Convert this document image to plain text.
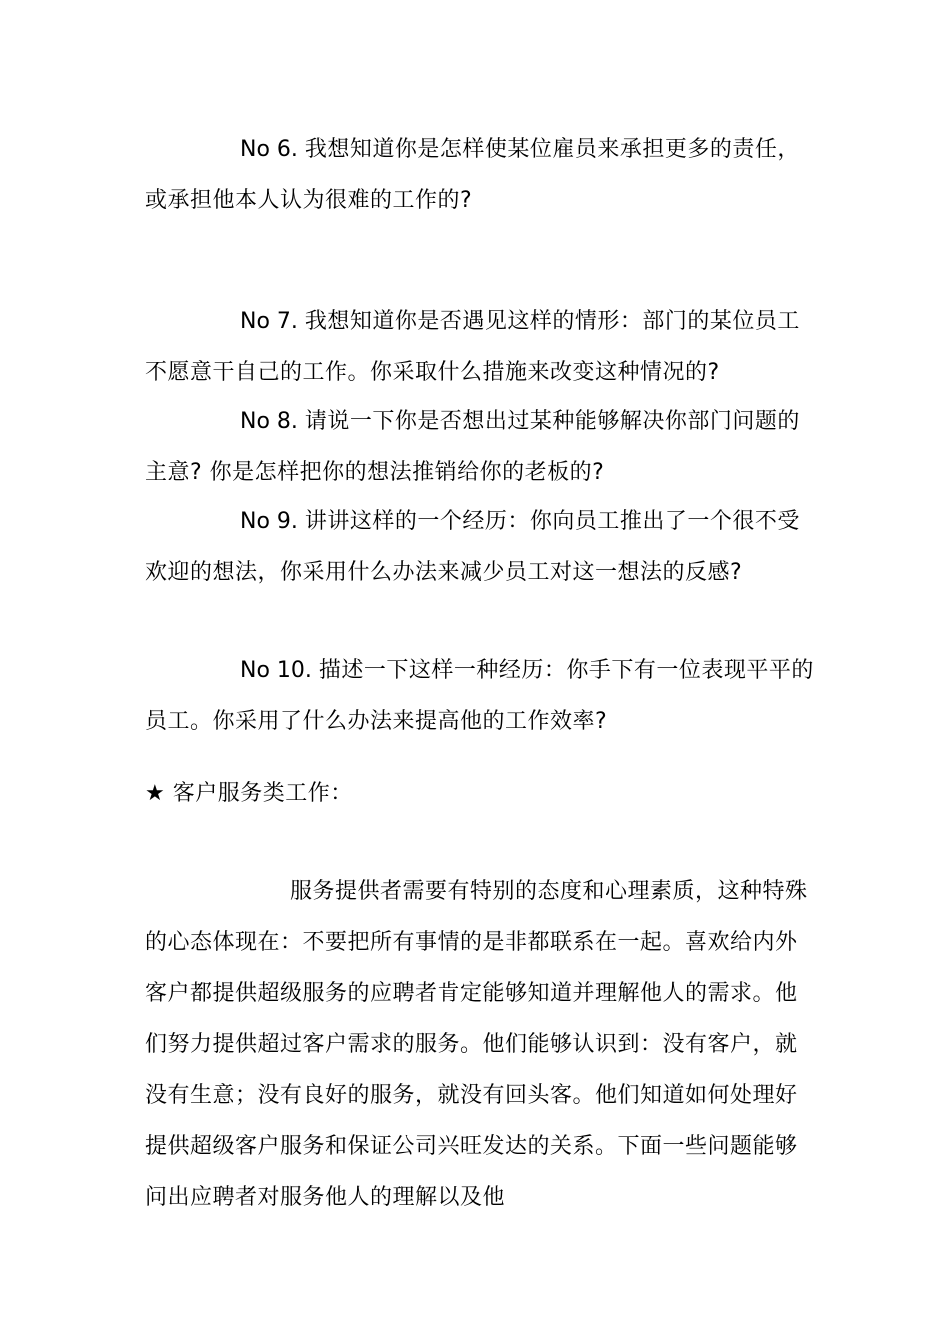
No 6. 我想知道你是怎样使某位雇员来承担更多的责任，或承担他本人认为很难的工作的?

No 7. 我想知道你是否遇见这样的情形：部门的某位员工不愿意干自己的工作。你采取什么措施来改变这种情况的?

No 8. 请说一下你是否想出过某种能够解决你部门问题的主意? 你是怎样把你的想法推销给你的老板的?

No 9. 讲讲这样的一个经历：你向员工推出了一个很不受欢迎的想法，你采用什么办法来减少员工对这一想法的反感?

No 10. 描述一下这样一种经历：你手下有一位表现平平的员工。你采用了什么办法来提高他的工作效率?

★ 客户服务类工作：

服务提供者需要有特别的态度和心理素质，这种特殊的心态体现在：不要把所有事情的是非都联系在一起。喜欢给内外客户都提供超级服务的应聘者肯定能够知道并理解他人的需求。他们努力提供超过客户需求的服务。他们能够认识到：没有客户，就没有生意；没有良好的服务，就没有回头客。他们知道如何处理好提供超级客户服务和保证公司兴旺发达的关系。下面一些问题能够问出应聘者对服务他人的理解以及他
